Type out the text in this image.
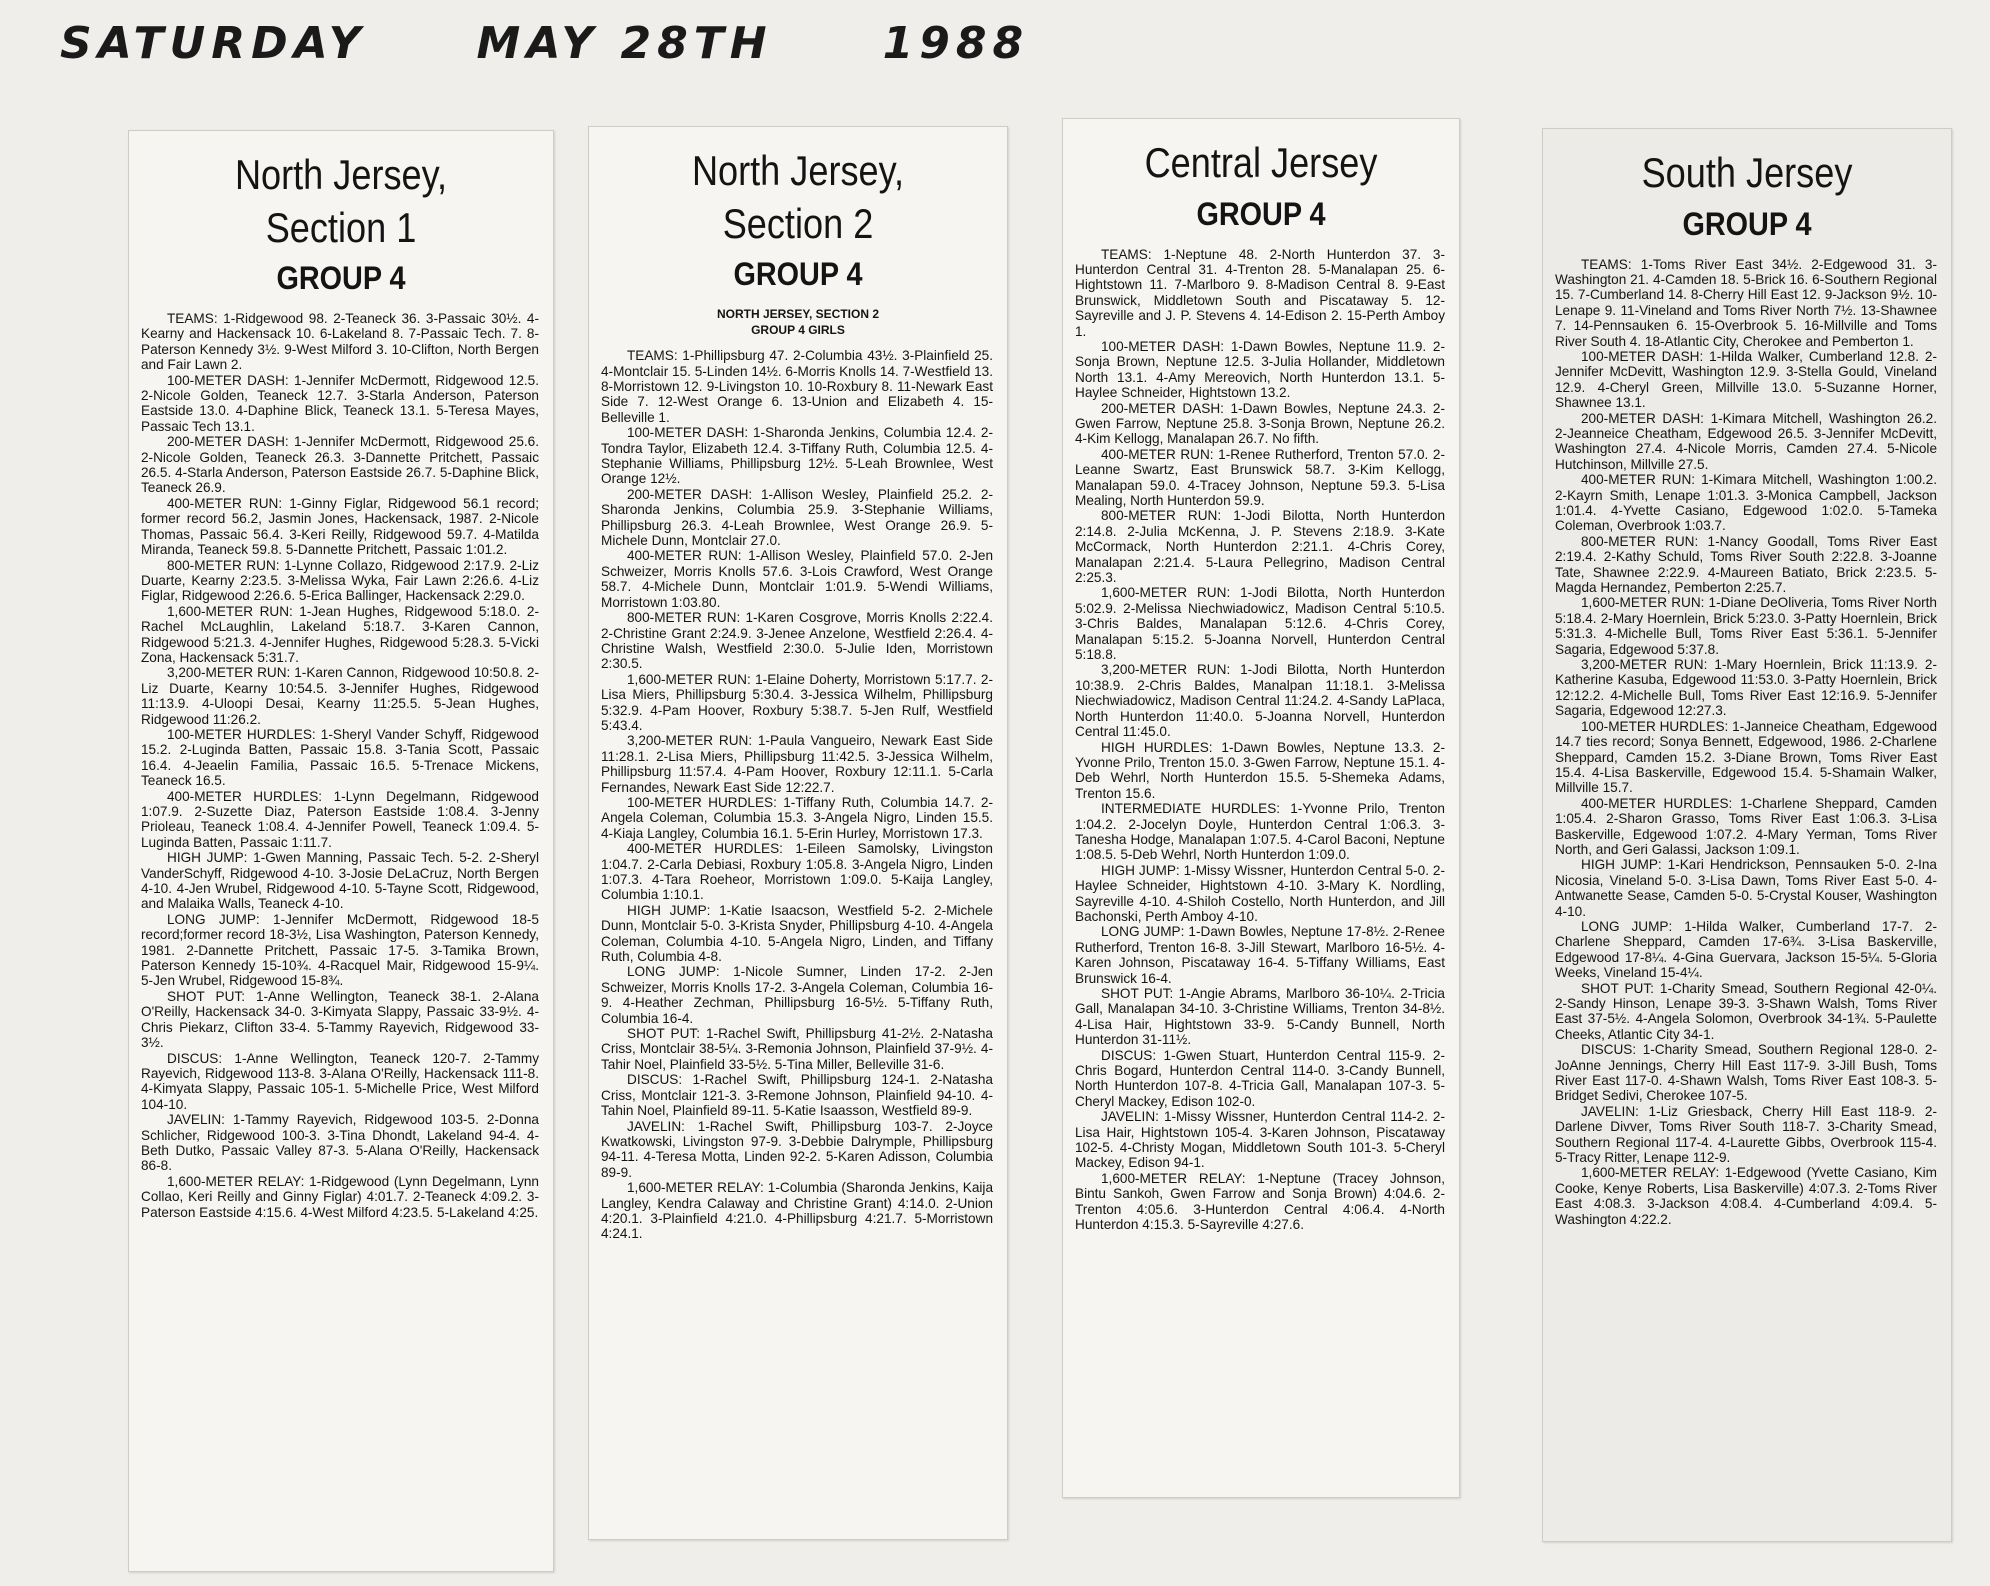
SATURDAY	MAY 28TH	1988
North Jersey,
Section 1
GROUP 4

TEAMS: 1-Ridgewood 98. 2-Teaneck 36. 3-Passaic 30½. 4-Kearny and Hackensack 10. 6-Lakeland 8. 7-Passaic Tech. 7. 8-Paterson Kennedy 3½. 9-West Milford 3. 10-Clifton, North Bergen and Fair Lawn 2.

100-METER DASH: 1-Jennifer McDermott, Ridgewood 12.5. 2-Nicole Golden, Teaneck 12.7. 3-Starla Anderson, Paterson Eastside 13.0. 4-Daphine Blick, Teaneck 13.1. 5-Teresa Mayes, Passaic Tech 13.1.

200-METER DASH: 1-Jennifer McDermott, Ridgewood 25.6. 2-Nicole Golden, Teaneck 26.3. 3-Dannette Pritchett, Passaic 26.5. 4-Starla Anderson, Paterson Eastside 26.7. 5-Daphine Blick, Teaneck 26.9.

400-METER RUN: 1-Ginny Figlar, Ridgewood 56.1 record; former record 56.2, Jasmin Jones, Hackensack, 1987. 2-Nicole Thomas, Passaic 56.4. 3-Keri Reilly, Ridgewood 59.7. 4-Matilda Miranda, Teaneck 59.8. 5-Dannette Pritchett, Passaic 1:01.2.

800-METER RUN: 1-Lynne Collazo, Ridgewood 2:17.9. 2-Liz Duarte, Kearny 2:23.5. 3-Melissa Wyka, Fair Lawn 2:26.6. 4-Liz Figlar, Ridgewood 2:26.6. 5-Erica Ballinger, Hackensack 2:29.0.

1,600-METER RUN: 1-Jean Hughes, Ridgewood 5:18.0. 2-Rachel McLaughlin, Lakeland 5:18.7. 3-Karen Cannon, Ridgewood 5:21.3. 4-Jennifer Hughes, Ridgewood 5:28.3. 5-Vicki Zona, Hackensack 5:31.7.

3,200-METER RUN: 1-Karen Cannon, Ridgewood 10:50.8. 2-Liz Duarte, Kearny 10:54.5. 3-Jennifer Hughes, Ridgewood 11:13.9. 4-Uloopi Desai, Kearny 11:25.5. 5-Jean Hughes, Ridgewood 11:26.2.

100-METER HURDLES: 1-Sheryl Vander Schyff, Ridgewood 15.2. 2-Luginda Batten, Passaic 15.8. 3-Tania Scott, Passaic 16.4. 4-Jeaelin Familia, Passaic 16.5. 5-Trenace Mickens, Teaneck 16.5.

400-METER HURDLES: 1-Lynn Degelmann, Ridgewood 1:07.9. 2-Suzette Diaz, Paterson Eastside 1:08.4. 3-Jenny Prioleau, Teaneck 1:08.4. 4-Jennifer Powell, Teaneck 1:09.4. 5-Luginda Batten, Passaic 1:11.7.

HIGH JUMP: 1-Gwen Manning, Passaic Tech. 5-2. 2-Sheryl VanderSchyff, Ridgewood 4-10. 3-Josie DeLaCruz, North Bergen 4-10. 4-Jen Wrubel, Ridgewood 4-10. 5-Tayne Scott, Ridgewood, and Malaika Walls, Teaneck 4-10.

LONG JUMP: 1-Jennifer McDermott, Ridgewood 18-5 record;former record 18-3½, Lisa Washington, Paterson Kennedy, 1981. 2-Dannette Pritchett, Passaic 17-5. 3-Tamika Brown, Paterson Kennedy 15-10¾. 4-Racquel Mair, Ridgewood 15-9¼. 5-Jen Wrubel, Ridgewood 15-8¾.

SHOT PUT: 1-Anne Wellington, Teaneck 38-1. 2-Alana O'Reilly, Hackensack 34-0. 3-Kimyata Slappy, Passaic 33-9½. 4-Chris Piekarz, Clifton 33-4. 5-Tammy Rayevich, Ridgewood 33-3½.

DISCUS: 1-Anne Wellington, Teaneck 120-7. 2-Tammy Rayevich, Ridgewood 113-8. 3-Alana O'Reilly, Hackensack 111-8. 4-Kimyata Slappy, Passaic 105-1. 5-Michelle Price, West Milford 104-10.

JAVELIN: 1-Tammy Rayevich, Ridgewood 103-5. 2-Donna Schlicher, Ridgewood 100-3. 3-Tina Dhondt, Lakeland 94-4. 4-Beth Dutko, Passaic Valley 87-3. 5-Alana O'Reilly, Hackensack 86-8.

1,600-METER RELAY: 1-Ridgewood (Lynn Degelmann, Lynn Collao, Keri Reilly and Ginny Figlar) 4:01.7. 2-Teaneck 4:09.2. 3-Paterson Eastside 4:15.6. 4-West Milford 4:23.5. 5-Lakeland 4:25.

North Jersey,
Section 2
GROUP 4
NORTH JERSEY, SECTION 2
GROUP 4 GIRLS

TEAMS: 1-Phillipsburg 47. 2-Columbia 43½. 3-Plainfield 25. 4-Montclair 15. 5-Linden 14½. 6-Morris Knolls 14. 7-Westfield 13. 8-Morristown 12. 9-Livingston 10. 10-Roxbury 8. 11-Newark East Side 7. 12-West Orange 6. 13-Union and Elizabeth 4. 15-Belleville 1.

100-METER DASH: 1-Sharonda Jenkins, Columbia 12.4. 2-Tondra Taylor, Elizabeth 12.4. 3-Tiffany Ruth, Columbia 12.5. 4-Stephanie Williams, Phillipsburg 12½. 5-Leah Brownlee, West Orange 12½.

200-METER DASH: 1-Allison Wesley, Plainfield 25.2. 2-Sharonda Jenkins, Columbia 25.9. 3-Stephanie Williams, Phillipsburg 26.3. 4-Leah Brownlee, West Orange 26.9. 5-Michele Dunn, Montclair 27.0.

400-METER RUN: 1-Allison Wesley, Plainfield 57.0. 2-Jen Schweizer, Morris Knolls 57.6. 3-Lois Crawford, West Orange 58.7. 4-Michele Dunn, Montclair 1:01.9. 5-Wendi Williams, Morristown 1:03.80.

800-METER RUN: 1-Karen Cosgrove, Morris Knolls 2:22.4. 2-Christine Grant 2:24.9. 3-Jenee Anzelone, Westfield 2:26.4. 4-Christine Walsh, Westfield 2:30.0. 5-Julie Iden, Morristown 2:30.5.

1,600-METER RUN: 1-Elaine Doherty, Morristown 5:17.7. 2-Lisa Miers, Phillipsburg 5:30.4. 3-Jessica Wilhelm, Phillipsburg 5:32.9. 4-Pam Hoover, Roxbury 5:38.7. 5-Jen Rulf, Westfield 5:43.4.

3,200-METER RUN: 1-Paula Vangueiro, Newark East Side 11:28.1. 2-Lisa Miers, Phillipsburg 11:42.5. 3-Jessica Wilhelm, Phillipsburg 11:57.4. 4-Pam Hoover, Roxbury 12:11.1. 5-Carla Fernandes, Newark East Side 12:22.7.

100-METER HURDLES: 1-Tiffany Ruth, Columbia 14.7. 2-Angela Coleman, Columbia 15.3. 3-Angela Nigro, Linden 15.5. 4-Kiaja Langley, Columbia 16.1. 5-Erin Hurley, Morristown 17.3.

400-METER HURDLES: 1-Eileen Samolsky, Livingston 1:04.7. 2-Carla Debiasi, Roxbury 1:05.8. 3-Angela Nigro, Linden 1:07.3. 4-Tara Roeheor, Morristown 1:09.0. 5-Kaija Langley, Columbia 1:10.1.

HIGH JUMP: 1-Katie Isaacson, Westfield 5-2. 2-Michele Dunn, Montclair 5-0. 3-Krista Snyder, Phillipsburg 4-10. 4-Angela Coleman, Columbia 4-10. 5-Angela Nigro, Linden, and Tiffany Ruth, Columbia 4-8.

LONG JUMP: 1-Nicole Sumner, Linden 17-2. 2-Jen Schweizer, Morris Knolls 17-2. 3-Angela Coleman, Columbia 16-9. 4-Heather Zechman, Phillipsburg 16-5½. 5-Tiffany Ruth, Columbia 16-4.

SHOT PUT: 1-Rachel Swift, Phillipsburg 41-2½. 2-Natasha Criss, Montclair 38-5¼. 3-Remonia Johnson, Plainfield 37-9½. 4-Tahir Noel, Plainfield 33-5½. 5-Tina Miller, Belleville 31-6.

DISCUS: 1-Rachel Swift, Phillipsburg 124-1. 2-Natasha Criss, Montclair 121-3. 3-Remone Johnson, Plainfield 94-10. 4-Tahin Noel, Plainfield 89-11. 5-Katie Isaasson, Westfield 89-9.

JAVELIN: 1-Rachel Swift, Phillipsburg 103-7. 2-Joyce Kwatkowski, Livingston 97-9. 3-Debbie Dalrymple, Phillipsburg 94-11. 4-Teresa Motta, Linden 92-2. 5-Karen Adisson, Columbia 89-9.

1,600-METER RELAY: 1-Columbia (Sharonda Jenkins, Kaija Langley, Kendra Calaway and Christine Grant) 4:14.0. 2-Union 4:20.1. 3-Plainfield 4:21.0. 4-Phillipsburg 4:21.7. 5-Morristown 4:24.1.

Central Jersey
GROUP 4

TEAMS: 1-Neptune 48. 2-North Hunterdon 37. 3-Hunterdon Central 31. 4-Trenton 28. 5-Manalapan 25. 6-Hightstown 11. 7-Marlboro 9. 8-Madison Central 8. 9-East Brunswick, Middletown South and Piscataway 5. 12-Sayreville and J. P. Stevens 4. 14-Edison 2. 15-Perth Amboy 1.

100-METER DASH: 1-Dawn Bowles, Neptune 11.9. 2-Sonja Brown, Neptune 12.5. 3-Julia Hollander, Middletown North 13.1. 4-Amy Mereovich, North Hunterdon 13.1. 5-Haylee Schneider, Hightstown 13.2.

200-METER DASH: 1-Dawn Bowles, Neptune 24.3. 2-Gwen Farrow, Neptune 25.8. 3-Sonja Brown, Neptune 26.2. 4-Kim Kellogg, Manalapan 26.7. No fifth.

400-METER RUN: 1-Renee Rutherford, Trenton 57.0. 2-Leanne Swartz, East Brunswick 58.7. 3-Kim Kellogg, Manalapan 59.0. 4-Tracey Johnson, Neptune 59.3. 5-Lisa Mealing, North Hunterdon 59.9.

800-METER RUN: 1-Jodi Bilotta, North Hunterdon 2:14.8. 2-Julia McKenna, J. P. Stevens 2:18.9. 3-Kate McCormack, North Hunterdon 2:21.1. 4-Chris Corey, Manalapan 2:21.4. 5-Laura Pellegrino, Madison Central 2:25.3.

1,600-METER RUN: 1-Jodi Bilotta, North Hunterdon 5:02.9. 2-Melissa Niechwiadowicz, Madison Central 5:10.5. 3-Chris Baldes, Manalapan 5:12.6. 4-Chris Corey, Manalapan 5:15.2. 5-Joanna Norvell, Hunterdon Central 5:18.8.

3,200-METER RUN: 1-Jodi Bilotta, North Hunterdon 10:38.9. 2-Chris Baldes, Manalpan 11:18.1. 3-Melissa Niechwiadowicz, Madison Central 11:24.2. 4-Sandy LaPlaca, North Hunterdon 11:40.0. 5-Joanna Norvell, Hunterdon Central 11:45.0.

HIGH HURDLES: 1-Dawn Bowles, Neptune 13.3. 2-Yvonne Prilo, Trenton 15.0. 3-Gwen Farrow, Neptune 15.1. 4-Deb Wehrl, North Hunterdon 15.5. 5-Shemeka Adams, Trenton 15.6.

INTERMEDIATE HURDLES: 1-Yvonne Prilo, Trenton 1:04.2. 2-Jocelyn Doyle, Hunterdon Central 1:06.3. 3-Tanesha Hodge, Manalapan 1:07.5. 4-Carol Baconi, Neptune 1:08.5. 5-Deb Wehrl, North Hunterdon 1:09.0.

HIGH JUMP: 1-Missy Wissner, Hunterdon Central 5-0. 2-Haylee Schneider, Hightstown 4-10. 3-Mary K. Nordling, Sayreville 4-10. 4-Shiloh Costello, North Hunterdon, and Jill Bachonski, Perth Amboy 4-10.

LONG JUMP: 1-Dawn Bowles, Neptune 17-8½. 2-Renee Rutherford, Trenton 16-8. 3-Jill Stewart, Marlboro 16-5½. 4-Karen Johnson, Piscataway 16-4. 5-Tiffany Williams, East Brunswick 16-4.

SHOT PUT: 1-Angie Abrams, Marlboro 36-10¼. 2-Tricia Gall, Manalapan 34-10. 3-Christine Williams, Trenton 34-8½. 4-Lisa Hair, Hightstown 33-9. 5-Candy Bunnell, North Hunterdon 31-11½.

DISCUS: 1-Gwen Stuart, Hunterdon Central 115-9. 2-Chris Bogard, Hunterdon Central 114-0. 3-Candy Bunnell, North Hunterdon 107-8. 4-Tricia Gall, Manalapan 107-3. 5-Cheryl Mackey, Edison 102-0.

JAVELIN: 1-Missy Wissner, Hunterdon Central 114-2. 2-Lisa Hair, Hightstown 105-4. 3-Karen Johnson, Piscataway 102-5. 4-Christy Mogan, Middletown South 101-3. 5-Cheryl Mackey, Edison 94-1.

1,600-METER RELAY: 1-Neptune (Tracey Johnson, Bintu Sankoh, Gwen Farrow and Sonja Brown) 4:04.6. 2-Trenton 4:05.6. 3-Hunterdon Central 4:06.4. 4-North Hunterdon 4:15.3. 5-Sayreville 4:27.6.

South Jersey
GROUP 4

TEAMS: 1-Toms River East 34½. 2-Edgewood 31. 3-Washington 21. 4-Camden 18. 5-Brick 16. 6-Southern Regional 15. 7-Cumberland 14. 8-Cherry Hill East 12. 9-Jackson 9½. 10-Lenape 9. 11-Vineland and Toms River North 7½. 13-Shawnee 7. 14-Pennsauken 6. 15-Overbrook 5. 16-Millville and Toms River South 4. 18-Atlantic City, Cherokee and Pemberton 1.

100-METER DASH: 1-Hilda Walker, Cumberland 12.8. 2-Jennifer McDevitt, Washington 12.9. 3-Stella Gould, Vineland 12.9. 4-Cheryl Green, Millville 13.0. 5-Suzanne Horner, Shawnee 13.1.

200-METER DASH: 1-Kimara Mitchell, Washington 26.2. 2-Jeanneice Cheatham, Edgewood 26.5. 3-Jennifer McDevitt, Washington 27.4. 4-Nicole Morris, Camden 27.4. 5-Nicole Hutchinson, Millville 27.5.

400-METER RUN: 1-Kimara Mitchell, Washington 1:00.2. 2-Kayrn Smith, Lenape 1:01.3. 3-Monica Campbell, Jackson 1:01.4. 4-Yvette Casiano, Edgewood 1:02.0. 5-Tameka Coleman, Overbrook 1:03.7.

800-METER RUN: 1-Nancy Goodall, Toms River East 2:19.4. 2-Kathy Schuld, Toms River South 2:22.8. 3-Joanne Tate, Shawnee 2:22.9. 4-Maureen Batiato, Brick 2:23.5. 5-Magda Hernandez, Pemberton 2:25.7.

1,600-METER RUN: 1-Diane DeOliveria, Toms River North 5:18.4. 2-Mary Hoernlein, Brick 5:23.0. 3-Patty Hoernlein, Brick 5:31.3. 4-Michelle Bull, Toms River East 5:36.1. 5-Jennifer Sagaria, Edgewood 5:37.8.

3,200-METER RUN: 1-Mary Hoernlein, Brick 11:13.9. 2-Katherine Kasuba, Edgewood 11:53.0. 3-Patty Hoernlein, Brick 12:12.2. 4-Michelle Bull, Toms River East 12:16.9. 5-Jennifer Sagaria, Edgewood 12:27.3.

100-METER HURDLES: 1-Janneice Cheatham, Edgewood 14.7 ties record; Sonya Bennett, Edgewood, 1986. 2-Charlene Sheppard, Camden 15.2. 3-Diane Brown, Toms River East 15.4. 4-Lisa Baskerville, Edgewood 15.4. 5-Shamain Walker, Millville 15.7.

400-METER HURDLES: 1-Charlene Sheppard, Camden 1:05.4. 2-Sharon Grasso, Toms River East 1:06.3. 3-Lisa Baskerville, Edgewood 1:07.2. 4-Mary Yerman, Toms River North, and Geri Galassi, Jackson 1:09.1.

HIGH JUMP: 1-Kari Hendrickson, Pennsauken 5-0. 2-Ina Nicosia, Vineland 5-0. 3-Lisa Dawn, Toms River East 5-0. 4-Antwanette Sease, Camden 5-0. 5-Crystal Kouser, Washington 4-10.

LONG JUMP: 1-Hilda Walker, Cumberland 17-7. 2-Charlene Sheppard, Camden 17-6¾. 3-Lisa Baskerville, Edgewood 17-8¼. 4-Gina Guervara, Jackson 15-5¼. 5-Gloria Weeks, Vineland 15-4¼.

SHOT PUT: 1-Charity Smead, Southern Regional 42-0¼. 2-Sandy Hinson, Lenape 39-3. 3-Shawn Walsh, Toms River East 37-5½. 4-Angela Solomon, Overbrook 34-1¾. 5-Paulette Cheeks, Atlantic City 34-1.

DISCUS: 1-Charity Smead, Southern Regional 128-0. 2-JoAnne Jennings, Cherry Hill East 117-9. 3-Jill Bush, Toms River East 117-0. 4-Shawn Walsh, Toms River East 108-3. 5-Bridget Sedivi, Cherokee 107-5.

JAVELIN: 1-Liz Griesback, Cherry Hill East 118-9. 2-Darlene Divver, Toms River South 118-7. 3-Charity Smead, Southern Regional 117-4. 4-Laurette Gibbs, Overbrook 115-4. 5-Tracy Ritter, Lenape 112-9.

1,600-METER RELAY: 1-Edgewood (Yvette Casiano, Kim Cooke, Kenye Roberts, Lisa Baskerville) 4:07.3. 2-Toms River East 4:08.3. 3-Jackson 4:08.4. 4-Cumberland 4:09.4. 5-Washington 4:22.2.
